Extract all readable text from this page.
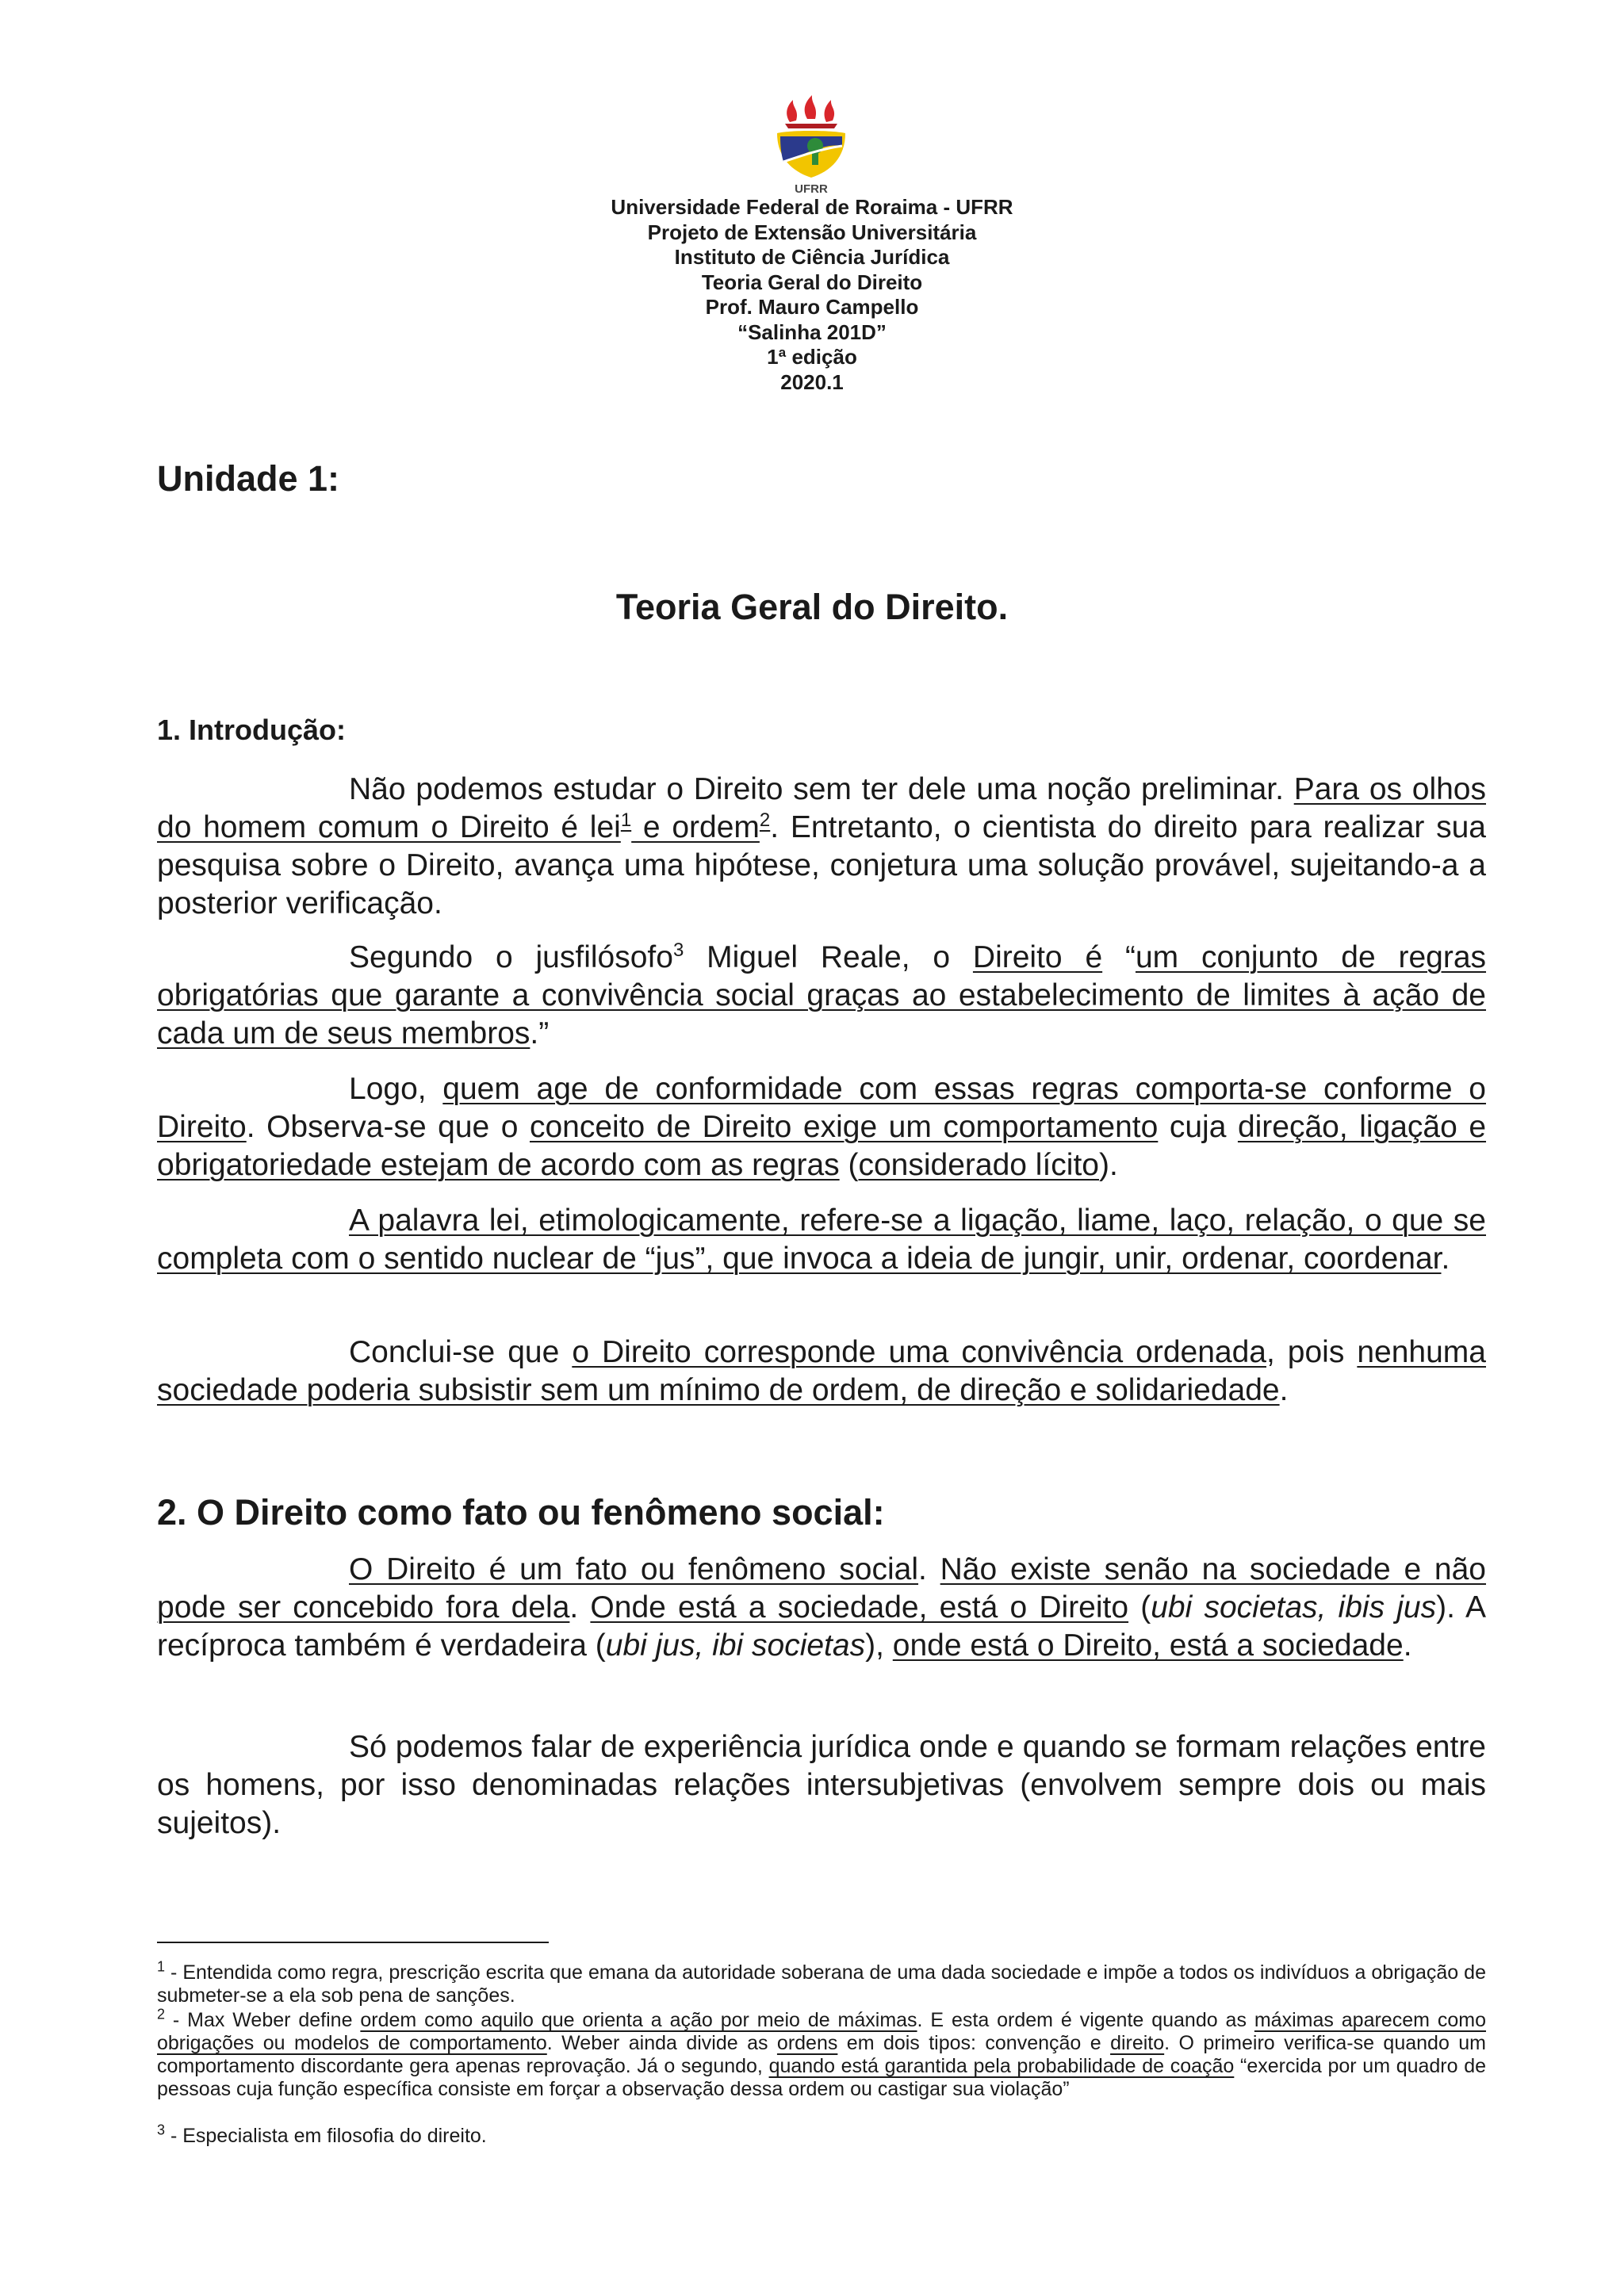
UFRR
Universidade Federal de Roraima - UFRR
Projeto de Extensão Universitária
Instituto de Ciência Jurídica
Teoria Geral do Direito
Prof. Mauro Campello
“Salinha 201D”
1ª edição
2020.1
Unidade 1:
Teoria Geral do Direito.
1. Introdução:
Não podemos estudar o Direito sem ter dele uma noção preliminar. Para os olhos do homem comum o Direito é lei$^1$ e ordem$^2$. Entretanto, o cientista do direito para realizar sua pesquisa sobre o Direito, avança uma hipótese, conjetura uma solução provável, sujeitando-a a posterior verificação.
Segundo o jusfilósofo$^3$ Miguel Reale, o Direito é “um conjunto de regras obrigatórias que garante a convivência social graças ao estabelecimento de limites à ação de cada um de seus membros.”
Logo, quem age de conformidade com essas regras comporta-se conforme o Direito. Observa-se que o conceito de Direito exige um comportamento cuja direção, ligação e obrigatoriedade estejam de acordo com as regras (considerado lícito).
A palavra lei, etimologicamente, refere-se a ligação, liame, laço, relação, o que se completa com o sentido nuclear de “jus”, que invoca a ideia de jungir, unir, ordenar, coordenar.
Conclui-se que o Direito corresponde uma convivência ordenada, pois nenhuma sociedade poderia subsistir sem um mínimo de ordem, de direção e solidariedade.
2. O Direito como fato ou fenômeno social:
O Direito é um fato ou fenômeno social. Não existe senão na sociedade e não pode ser concebido fora dela. Onde está a sociedade, está o Direito (ubi societas, ibis jus). A recíproca também é verdadeira (ubi jus, ibi societas), onde está o Direito, está a sociedade.
Só podemos falar de experiência jurídica onde e quando se formam relações entre os homens, por isso denominadas relações intersubjetivas (envolvem sempre dois ou mais sujeitos).
$^1$ - Entendida como regra, prescrição escrita que emana da autoridade soberana de uma dada sociedade e impõe a todos os indivíduos a obrigação de submeter-se a ela sob pena de sanções.
$^2$ - Max Weber define ordem como aquilo que orienta a ação por meio de máximas. E esta ordem é vigente quando as máximas aparecem como obrigações ou modelos de comportamento. Weber ainda divide as ordens em dois tipos: convenção e direito. O primeiro verifica-se quando um comportamento discordante gera apenas reprovação. Já o segundo, quando está garantida pela probabilidade de coação “exercida por um quadro de pessoas cuja função específica consiste em forçar a observação dessa ordem ou castigar sua violação”
$^3$ - Especialista em filosofia do direito.
